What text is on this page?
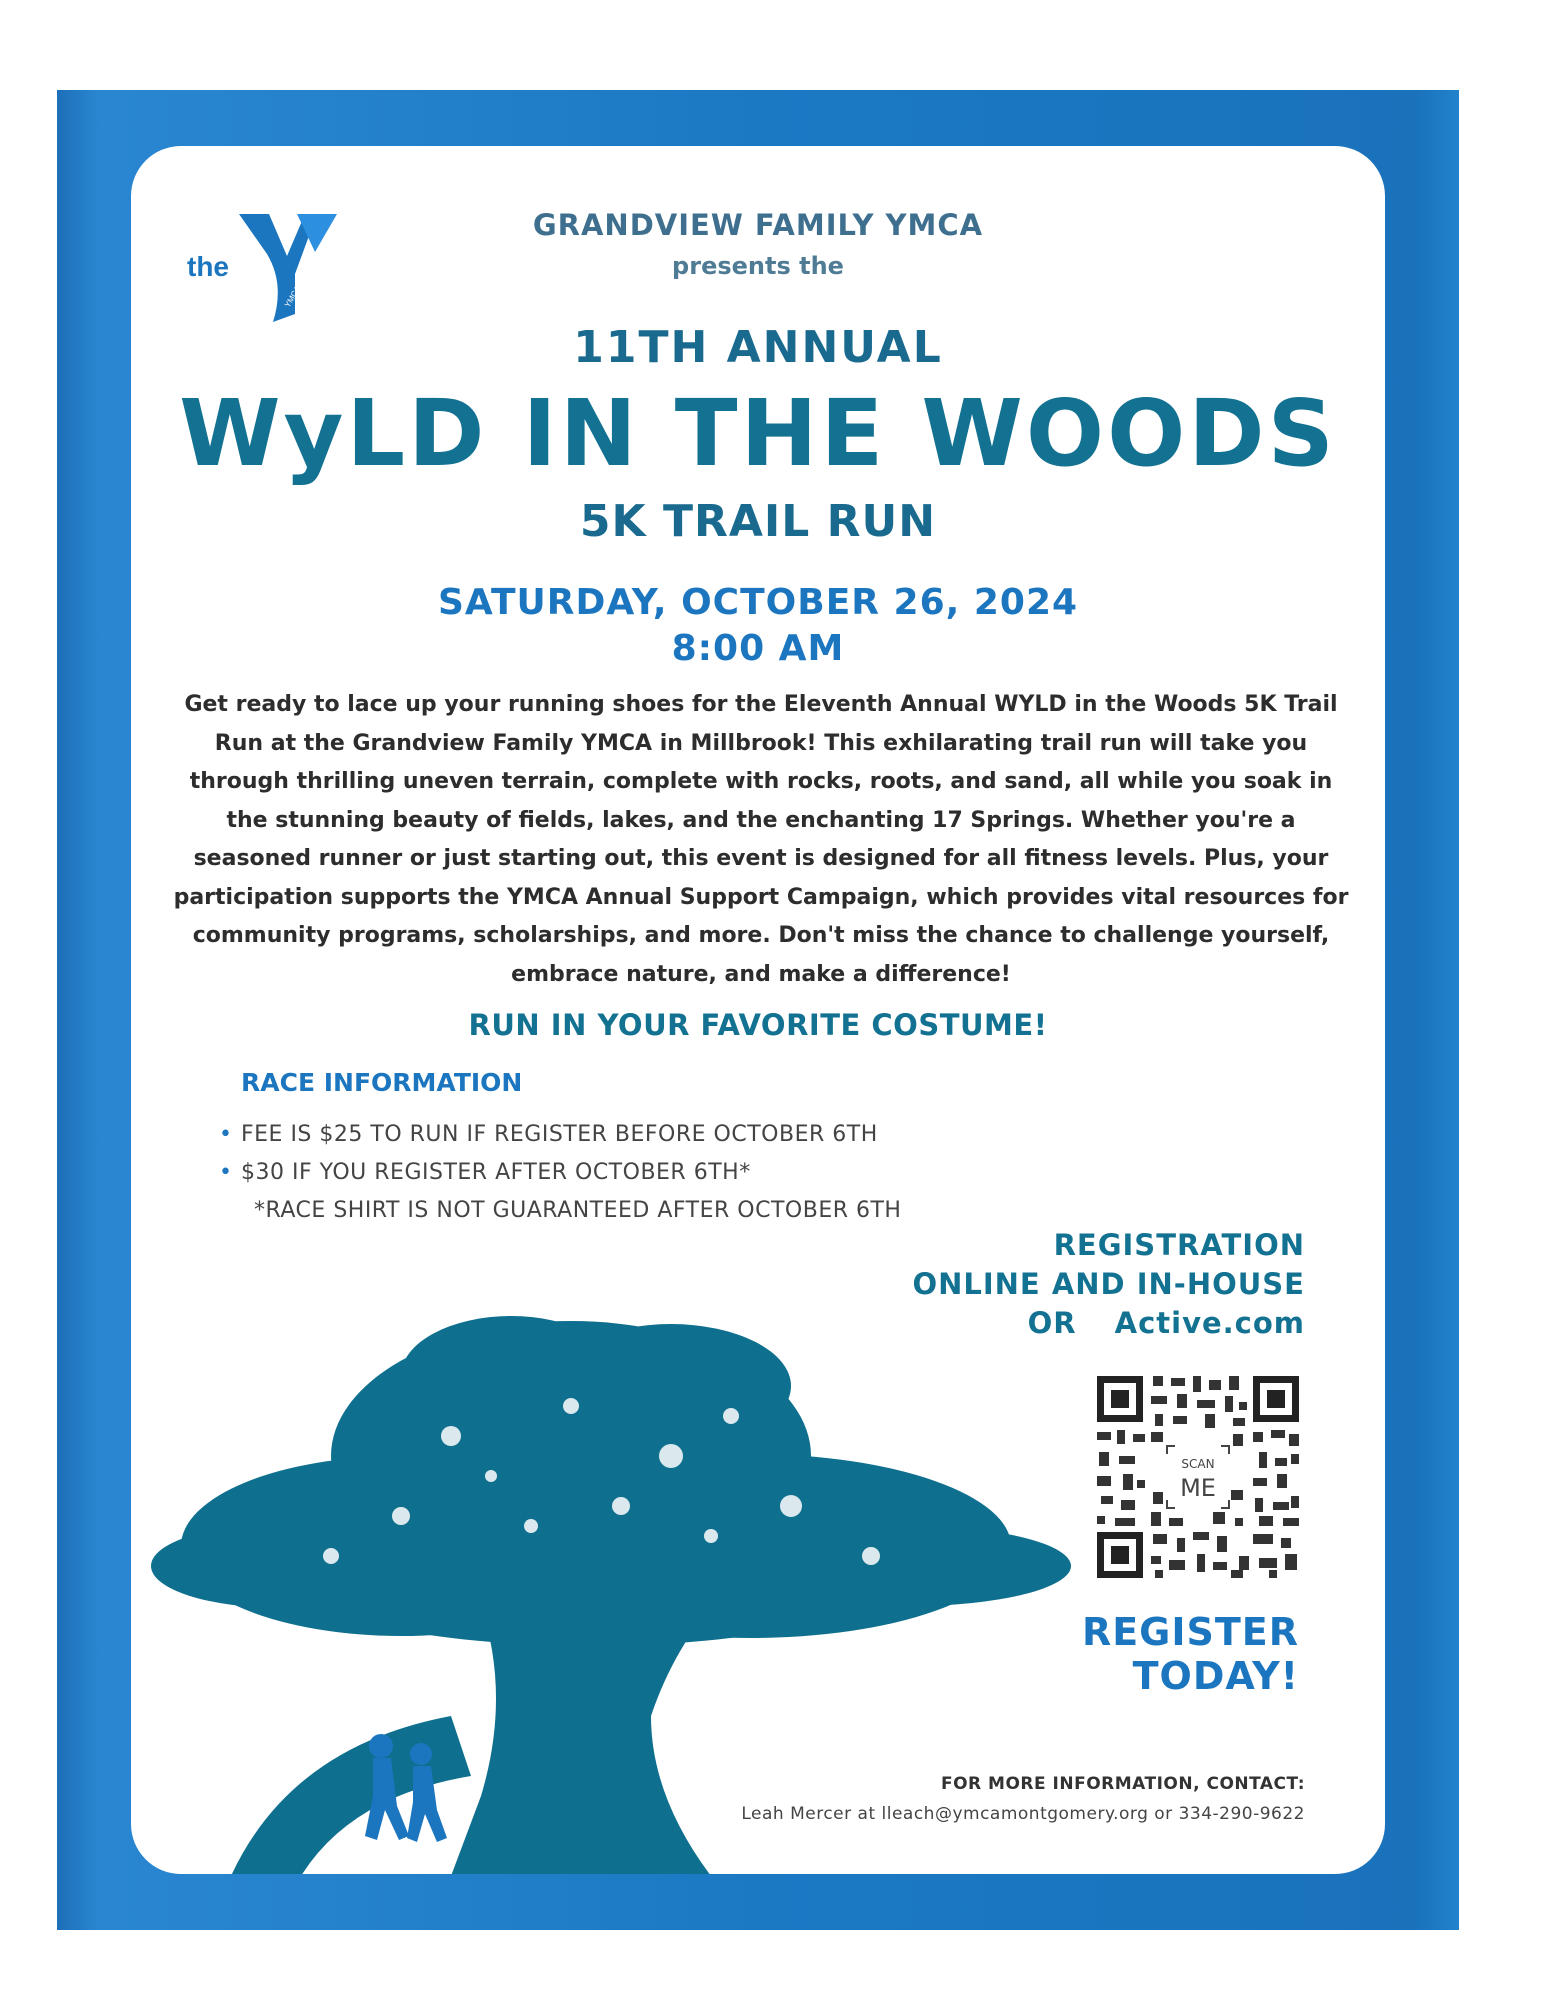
the
YMCA

GRANDVIEW FAMILY YMCA

presents the

11TH ANNUAL

WyLD IN THE WOODS

5K TRAIL RUN

SATURDAY, OCTOBER 26, 2024

8:00 AM

Get ready to lace up your running shoes for the Eleventh Annual WYLD in the Woods 5K Trail Run at the Grandview Family YMCA in Millbrook! This exhilarating trail run will take you through thrilling uneven terrain, complete with rocks, roots, and sand, all while you soak in the stunning beauty of fields, lakes, and the enchanting 17 Springs. Whether you're a seasoned runner or just starting out, this event is designed for all fitness levels. Plus, your participation supports the YMCA Annual Support Campaign, which provides vital resources for community programs, scholarships, and more. Don't miss the chance to challenge yourself, embrace nature, and make a difference!

RUN IN YOUR FAVORITE COSTUME!

RACE INFORMATION

• FEE IS $25 TO RUN IF REGISTER BEFORE OCTOBER 6TH
• $30 IF YOU REGISTER AFTER OCTOBER 6TH*

*RACE SHIRT IS NOT GUARANTEED AFTER OCTOBER 6TH

REGISTRATION

ONLINE AND IN-HOUSE

OR Active.com

SCAN
ME

REGISTER

TODAY!

FOR MORE INFORMATION, CONTACT:

Leah Mercer at lleach@ymcamontgomery.org or 334-290-9622
